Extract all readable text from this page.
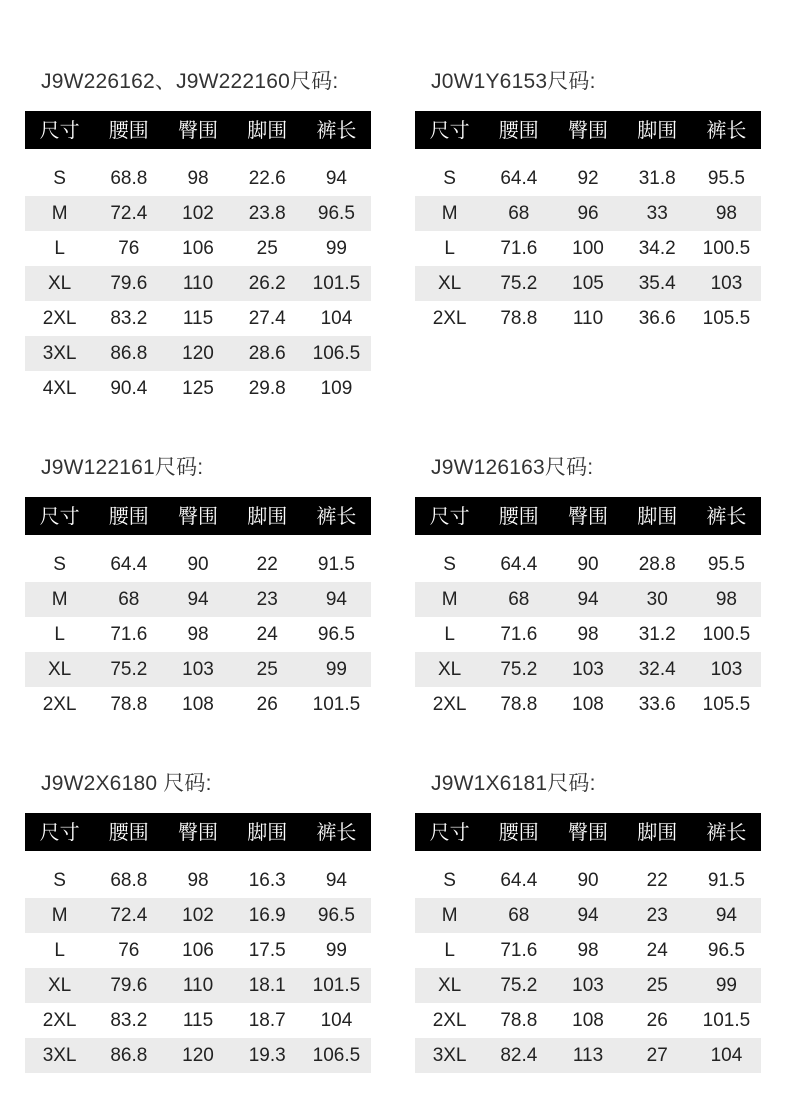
J9W226162、J9W222160尺码:
尺寸	腰围	臀围	脚围	裤长
S	68.8	98	22.6	94
M	72.4	102	23.8	96.5
L	76	106	25	99
XL	79.6	110	26.2	101.5
2XL	83.2	115	27.4	104
3XL	86.8	120	28.6	106.5
4XL	90.4	125	29.8	109
J0W1Y6153尺码:
尺寸	腰围	臀围	脚围	裤长
S	64.4	92	31.8	95.5
M	68	96	33	98
L	71.6	100	34.2	100.5
XL	75.2	105	35.4	103
2XL	78.8	110	36.6	105.5
J9W122161尺码:
尺寸	腰围	臀围	脚围	裤长
S	64.4	90	22	91.5
M	68	94	23	94
L	71.6	98	24	96.5
XL	75.2	103	25	99
2XL	78.8	108	26	101.5
J9W126163尺码:
尺寸	腰围	臀围	脚围	裤长
S	64.4	90	28.8	95.5
M	68	94	30	98
L	71.6	98	31.2	100.5
XL	75.2	103	32.4	103
2XL	78.8	108	33.6	105.5
J9W2X6180 尺码:
尺寸	腰围	臀围	脚围	裤长
S	68.8	98	16.3	94
M	72.4	102	16.9	96.5
L	76	106	17.5	99
XL	79.6	110	18.1	101.5
2XL	83.2	115	18.7	104
3XL	86.8	120	19.3	106.5
J9W1X6181尺码:
尺寸	腰围	臀围	脚围	裤长
S	64.4	90	22	91.5
M	68	94	23	94
L	71.6	98	24	96.5
XL	75.2	103	25	99
2XL	78.8	108	26	101.5
3XL	82.4	113	27	104
